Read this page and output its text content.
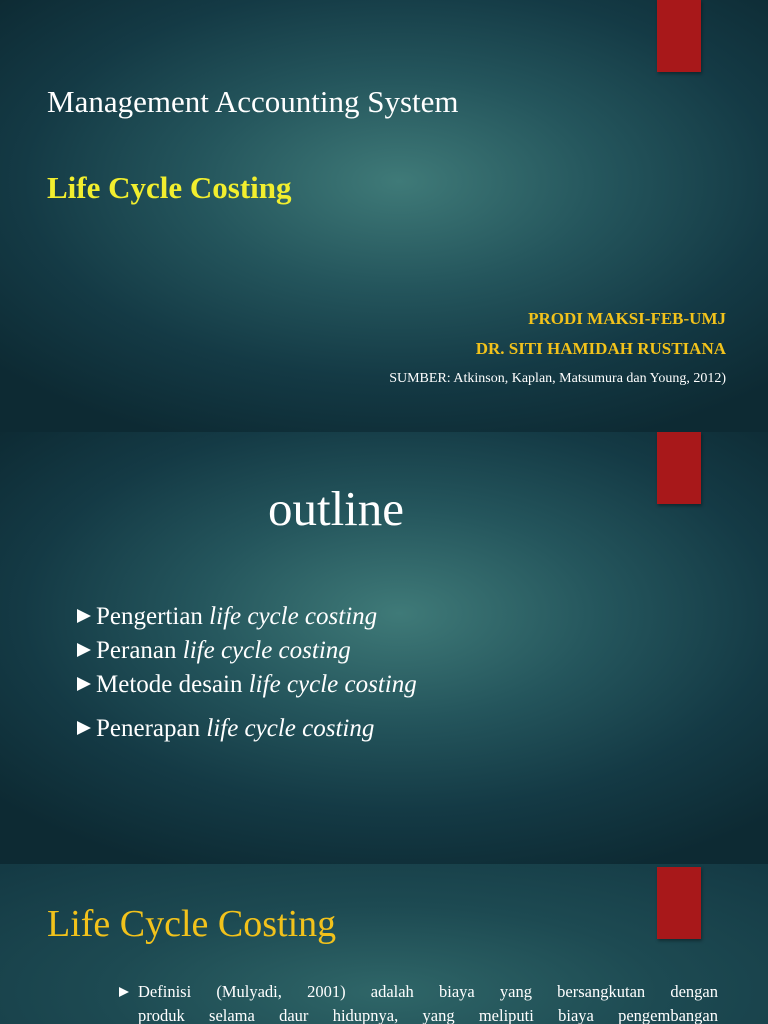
Management Accounting System
Life Cycle Costing
PRODI MAKSI-FEB-UMJ
DR. SITI HAMIDAH RUSTIANA
SUMBER: Atkinson, Kaplan, Matsumura dan Young, 2012)
outline
Pengertian life cycle costing
Peranan life cycle costing
Metode desain life cycle costing
Penerapan life cycle costing
Life Cycle Costing
Definisi (Mulyadi, 2001) adalah biaya yang bersangkutan dengan
produk selama daur hidupnya, yang meliputi biaya pengembangan
